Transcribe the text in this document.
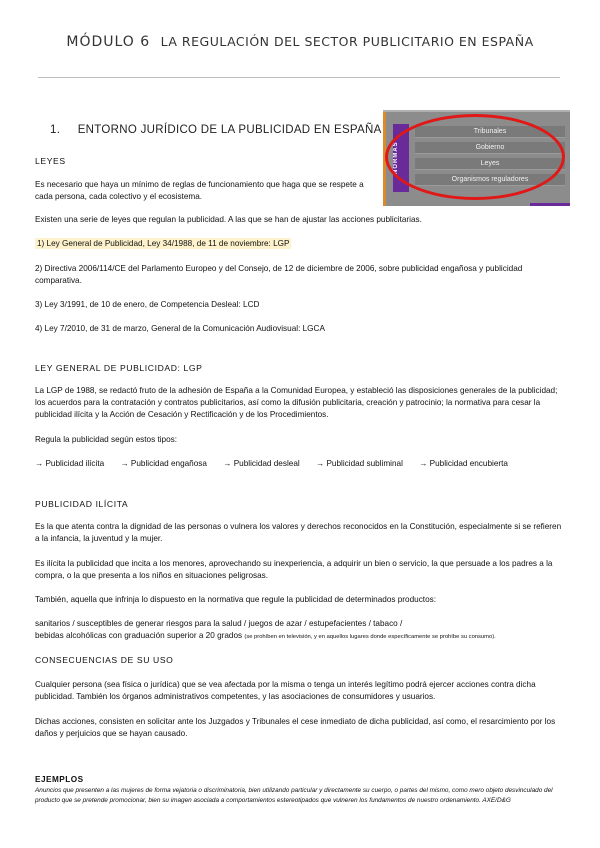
MÓDULO 6 LA REGULACIÓN DEL SECTOR PUBLICITARIO EN ESPAÑA
1. ENTORNO JURÍDICO DE LA PUBLICIDAD EN ESPAÑA
NORMAS
Tribunales
Gobierno
Leyes
Organismos reguladores
LEYES
Es necesario que haya un mínimo de reglas de funcionamiento que haga que se respete a cada persona, cada colectivo y el ecosistema.
Existen una serie de leyes que regulan la publicidad. A las que se han de ajustar las acciones publicitarias.
1) Ley General de Publicidad, Ley 34/1988, de 11 de noviembre: LGP
2) Directiva 2006/114/CE del Parlamento Europeo y del Consejo, de 12 de diciembre de 2006, sobre publicidad engañosa y publicidad comparativa.
3) Ley 3/1991, de 10 de enero, de Competencia Desleal: LCD
4) Ley 7/2010, de 31 de marzo, General de la Comunicación Audiovisual: LGCA
LEY GENERAL DE PUBLICIDAD: LGP
La LGP de 1988, se redactó fruto de la adhesión de España a la Comunidad Europea, y estableció las disposiciones generales de la publicidad; los acuerdos para la contratación y contratos publicitarios, así como la difusión publicitaria, creación y patrocinio; la normativa para cesar la publicidad ilícita y la Acción de Cesación y Rectificación y de los Procedimientos.
Regula la publicidad según estos tipos:
→ Publicidad ilícita → Publicidad engañosa → Publicidad desleal → Publicidad subliminal → Publicidad encubierta
PUBLICIDAD ILÍCITA
Es la que atenta contra la dignidad de las personas o vulnera los valores y derechos reconocidos en la Constitución, especialmente si se refieren a la infancia, la juventud y la mujer.
Es ilícita la publicidad que incita a los menores, aprovechando su inexperiencia, a adquirir un bien o servicio, la que persuade a los padres a la compra, o la que presenta a los niños en situaciones peligrosas.
También, aquella que infrinja lo dispuesto en la normativa que regule la publicidad de determinados productos:
sanitarios / susceptibles de generar riesgos para la salud / juegos de azar / estupefacientes / tabaco /
bebidas alcohólicas con graduación superior a 20 grados (se prohíben en televisión, y en aquellos lugares donde específicamente se prohíbe su consumo).
CONSECUENCIAS DE SU USO
Cualquier persona (sea física o jurídica) que se vea afectada por la misma o tenga un interés legítimo podrá ejercer acciones contra dicha publicidad. También los órganos administrativos competentes, y las asociaciones de consumidores y usuarios.
Dichas acciones, consisten en solicitar ante los Juzgados y Tribunales el cese inmediato de dicha publicidad, así como, el resarcimiento por los daños y perjuicios que se hayan causado.
EJEMPLOS
Anuncios que presenten a las mujeres de forma vejatoria o discriminatoria, bien utilizando particular y directamente su cuerpo, o partes del mismo, como mero objeto desvinculado del producto que se pretende promocionar, bien su imagen asociada a comportamientos estereotipados que vulneren los fundamentos de nuestro ordenamiento. AXE/D&G
